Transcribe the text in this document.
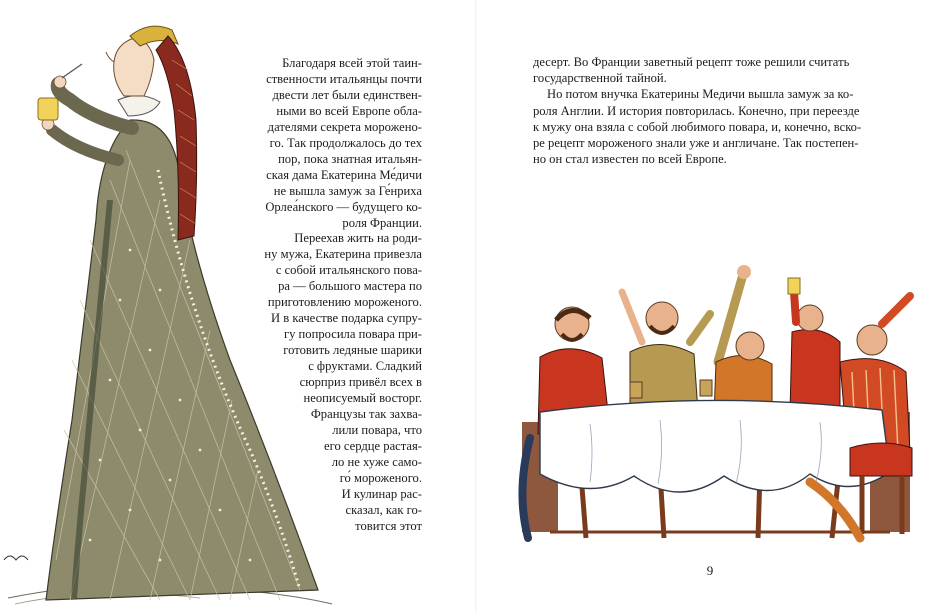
Благодаря всей этой таин-
ственности итальянцы почти
двести лет были единствен-
ными во всей Европе обла-
дателями секрета морожено-
го. Так продолжалось до тех
пор, пока знатная итальян-
ская дама Екатерина Ме́дичи
не вышла замуж за Ге́нриха
Орлеа́нского — будущего ко-
роля Франции.
Переехав жить на роди-
ну мужа, Екатерина привезла
с собой итальянского пова-
ра — большого мастера по
приготовлению мороженого.
И в качестве подарка супру-
гу попросила повара при-
готовить ледяные шарики
с фруктами. Сладкий
сюрприз привёл всех в
неописуемый восторг.
Французы так захва-
лили повара, что
его сердце растая-
ло не хуже само-
го́ мороженого.
И кулинар рас-
сказал, как го-
товится этот
десерт. Во Франции заветный рецепт тоже решили считать
государственной тайной.
Но потом внучка Екатерины Медичи вышла замуж за ко-
роля Англии. И история повторилась. Конечно, при переезде
к мужу она взяла с собой любимого повара, и, конечно, вско-
ре рецепт мороженого знали уже и англичане. Так постепен-
но он стал известен по всей Европе.
9
